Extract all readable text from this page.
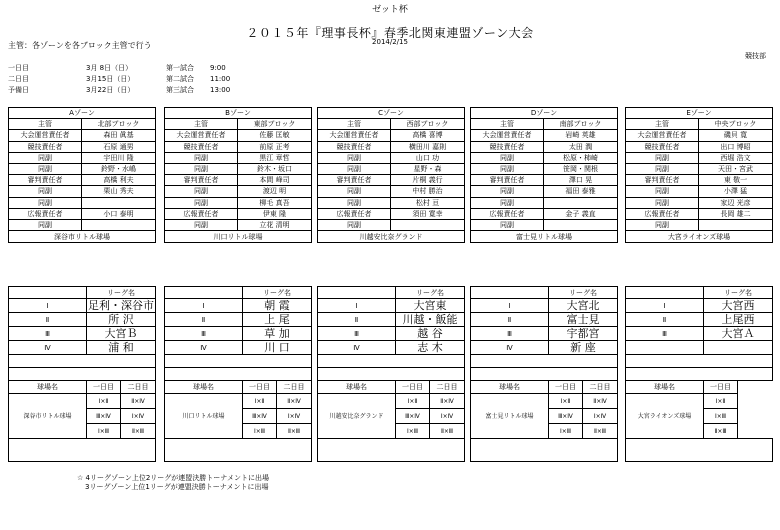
ゼット杯
２０１５年『理事長杯』春季北関東連盟ゾーン大会
2014/2/15
主管：各ゾーンを各ブロック主管で行う
競技部
一日目	3月 8日（日）	第一試合	9:00
二日目	3月15日（日）	第二試合	11:00
予備日	3月22日（日）	第三試合	13:00
Aゾーン	
主管	北部ブロック
大会運営責任者	森田 眞基
競技責任者	石原 通男
同副	宇田川 隆
同副	鈴野・水嶋
審判責任者	高橋 利夫
同副	栗山 秀夫
同副	
広報責任者	小口 泰明
同副	
深谷市リトル球場	
Bゾーン	
主管	東部ブロック
大会運営責任者	佐藤 匡敏
競技責任者	前原 正考
同副	黒江 章哲
同副	鈴木・坂口
審判責任者	本間 峰司
同副	渡辺 明
同副	柳毛 真吾
広報責任者	伊東 隆
同副	立花 清明
川口リトル球場	
Cゾーン	
主管	西部ブロック
大会運営責任者	高橋 喜博
競技責任者	横田川 嘉則
同副	山口 功
同副	星野・森
審判責任者	片桐 義行
同副	中村 勝治
同副	松村 亘
広報責任者	須田 寛幸
同副	
川越安比奈グランド	
Dゾーン	
主管	南部ブロック
大会運営責任者	岩崎 英雄
競技責任者	太田 潤
同副	松原・柿崎
同副	笹岡・関根
審判責任者	澤口 晃
同副	福田 泰雅
同副	
広報責任者	金子 義直
同副	
富士見リトル球場	
Eゾーン	
主管	中央ブロック
大会運営責任者	磯貝 寛
競技責任者	出口 博昭
同副	西堀 浩文
同副	天田・宮武
審判責任者	東 敬一
同副	小澤 猛
同副	家辺 光彦
広報責任者	長岡 雄二
同副	
大宮ライオンズ球場	
	リーグ名	
Ⅰ	足利・深谷市	
Ⅱ	所 沢	
Ⅲ	大宮Ｂ	
Ⅳ	浦 和	

球場名	一日目	二日目
深谷市リトル球場	Ⅰ×Ⅱ	Ⅱ×Ⅳ
	Ⅲ×Ⅳ	Ⅰ×Ⅳ
	Ⅰ×Ⅲ	Ⅱ×Ⅲ

	リーグ名	
Ⅰ	朝 霞	
Ⅱ	上 尾	
Ⅲ	草 加	
Ⅳ	川 口	

球場名	一日目	二日目
川口リトル球場	Ⅰ×Ⅱ	Ⅱ×Ⅳ
	Ⅲ×Ⅳ	Ⅰ×Ⅳ
	Ⅰ×Ⅲ	Ⅱ×Ⅲ

	リーグ名	
Ⅰ	大宮東	
Ⅱ	川越・飯能	
Ⅲ	越 谷	
Ⅳ	志 木	

球場名	一日目	二日目
川越安比奈グランド	Ⅰ×Ⅱ	Ⅱ×Ⅳ
	Ⅲ×Ⅳ	Ⅰ×Ⅳ
	Ⅰ×Ⅲ	Ⅱ×Ⅲ

	リーグ名	
Ⅰ	大宮北	
Ⅱ	富士見	
Ⅲ	宇都宮	
Ⅳ	新 座	

球場名	一日目	二日目
富士見リトル球場	Ⅰ×Ⅱ	Ⅱ×Ⅳ
	Ⅲ×Ⅳ	Ⅰ×Ⅳ
	Ⅰ×Ⅲ	Ⅱ×Ⅲ

	リーグ名	
Ⅰ	大宮西	
Ⅱ	上尾西	
Ⅲ	大宮Ａ	

球場名	一日目	
大宮ライオンズ球場	Ⅰ×Ⅱ	
	Ⅰ×Ⅲ	
	Ⅱ×Ⅲ	

☆ 4リーグゾーン上位2リーグが連盟決勝トーナメントに出場
3リーグゾーン上位1リーグが連盟決勝トーナメントに出場
